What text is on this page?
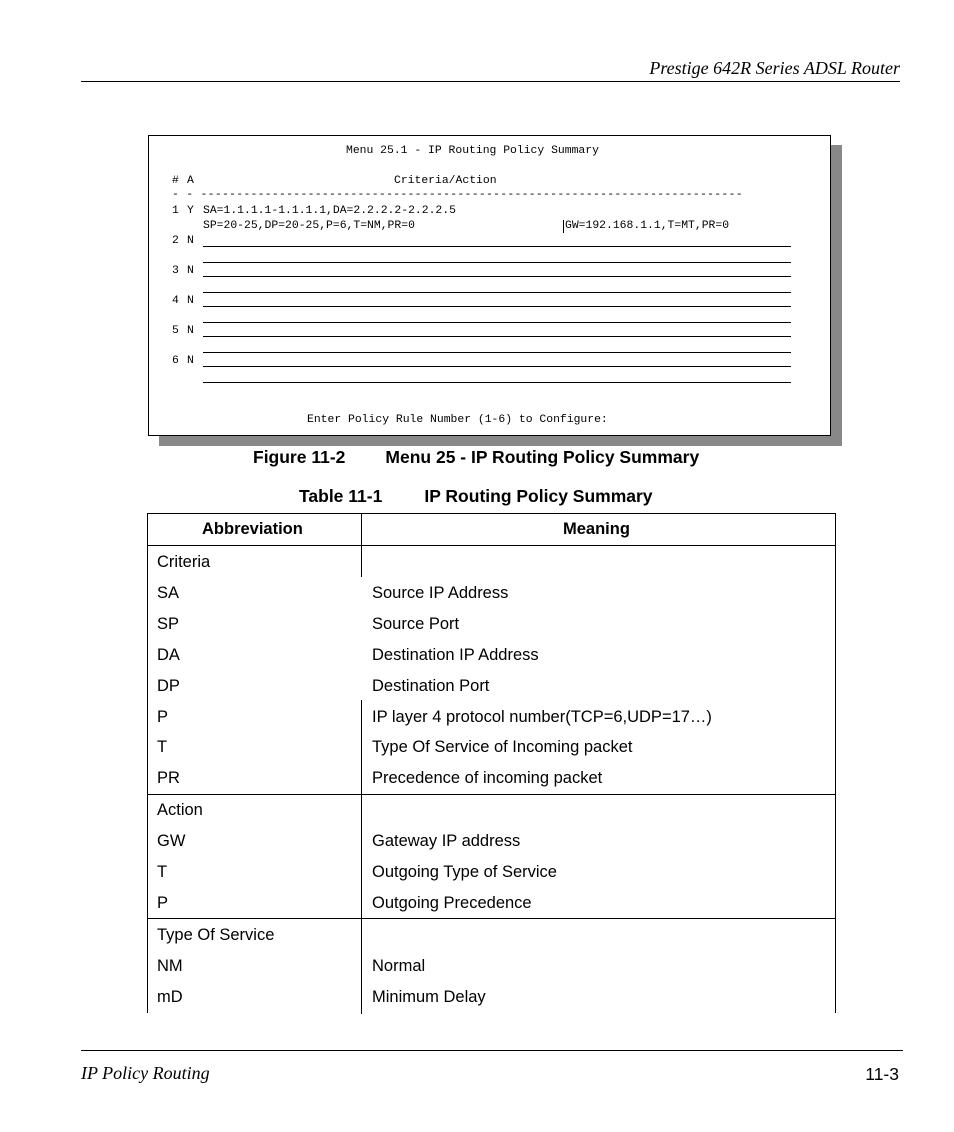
Prestige 642R Series ADSL Router
Menu 25.1 - IP Routing Policy Summary
# A	Criteria/Action
- - ----------------------------------------------------------------------------
1 Y SA=1.1.1.1-1.1.1.1,DA=2.2.2.2-2.2.2.5
SP=20-25,DP=20-25,P=6,T=NM,PR=0	GW=192.168.1.1,T=MT,PR=0
2 N
3 N
4 N
5 N
6 N
Enter Policy Rule Number (1-6) to Configure:
Figure 11-2 Menu 25 - IP Routing Policy Summary
Table 11-1 IP Routing Policy Summary
Abbreviation	Meaning
Criteria
SA	Source IP Address
SP	Source Port
DA	Destination IP Address
DP	Destination Port
P	IP layer 4 protocol number(TCP=6,UDP=17…)
T	Type Of Service of Incoming packet
PR	Precedence of incoming packet
Action
GW	Gateway IP address
T	Outgoing Type of Service
P	Outgoing Precedence
Type Of Service
NM	Normal
mD	Minimum Delay
IP Policy Routing	11-3
